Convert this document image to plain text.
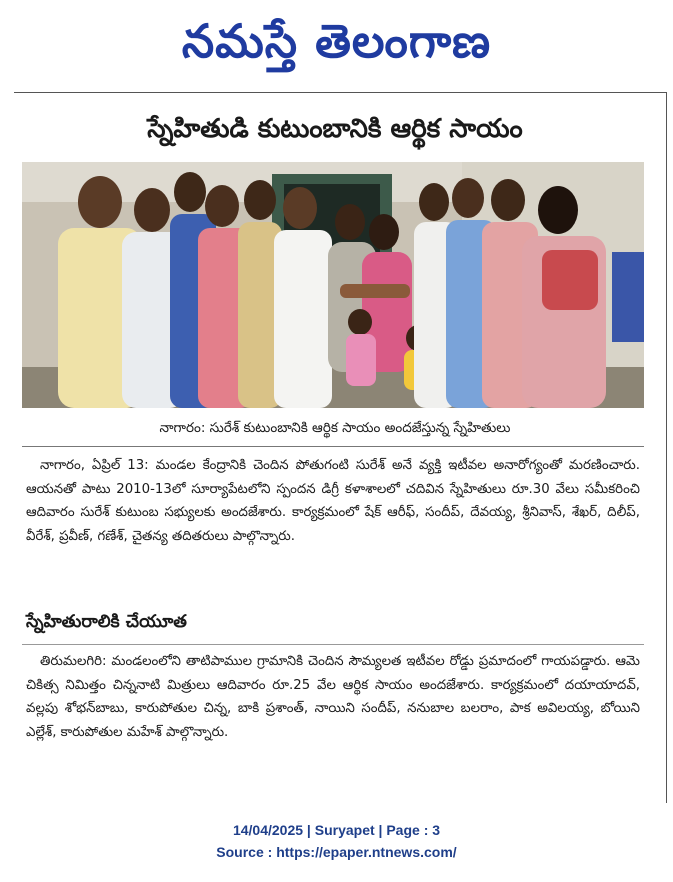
నమస్తే తెలంగాణ
స్నేహితుడి కుటుంబానికి ఆర్థిక సాయం
నాగారం: సురేశ్ కుటుంబానికి ఆర్థిక సాయం అందజేస్తున్న స్నేహితులు

నాగారం, ఏప్రిల్ 13: మండల కేంద్రానికి చెందిన పోతుగంటి సురేశ్ అనే వ్యక్తి ఇటీవల అనారోగ్యంతో మరణించారు. ఆయనతో పాటు 2010-13లో సూర్యాపేటలోని స్పందన డిగ్రీ కళాశాలలో చదివిన స్నేహితులు రూ.30 వేలు సమీకరించి ఆదివారం సురేశ్ కుటుంబ సభ్యులకు అందజేశారు. కార్యక్రమంలో షేక్ ఆరీఫ్, సందీప్, దేవయ్య, శ్రీనివాస్, శేఖర్, దిలీప్, వీరేశ్, ప్రవీణ్, గణేశ్, చైతన్య తదితరులు పాల్గొన్నారు.

స్నేహితురాలికి చేయూత

తిరుమలగిరి: మండలంలోని తాటిపాముల గ్రామానికి చెందిన సౌమ్యలత ఇటీవల రోడ్డు ప్రమాదంలో గాయపడ్డారు. ఆమె చికిత్స నిమిత్తం చిన్ననాటి మిత్రులు ఆదివారం రూ.25 వేల ఆర్థిక సాయం అందజేశారు. కార్యక్రమంలో దయాయాదవ్, వల్లపు శోభన్‌బాబు, కారుపోతుల చిన్న, బాకి ప్రశాంత్, నాయిని సందీప్, ననుబాల బలరాం, పాక అవిలయ్య, బోయిని ఎల్లేశ్, కారుపోతుల మహేశ్ పాల్గొన్నారు.

14/04/2025 | Suryapet | Page : 3
Source : https://epaper.ntnews.com/
